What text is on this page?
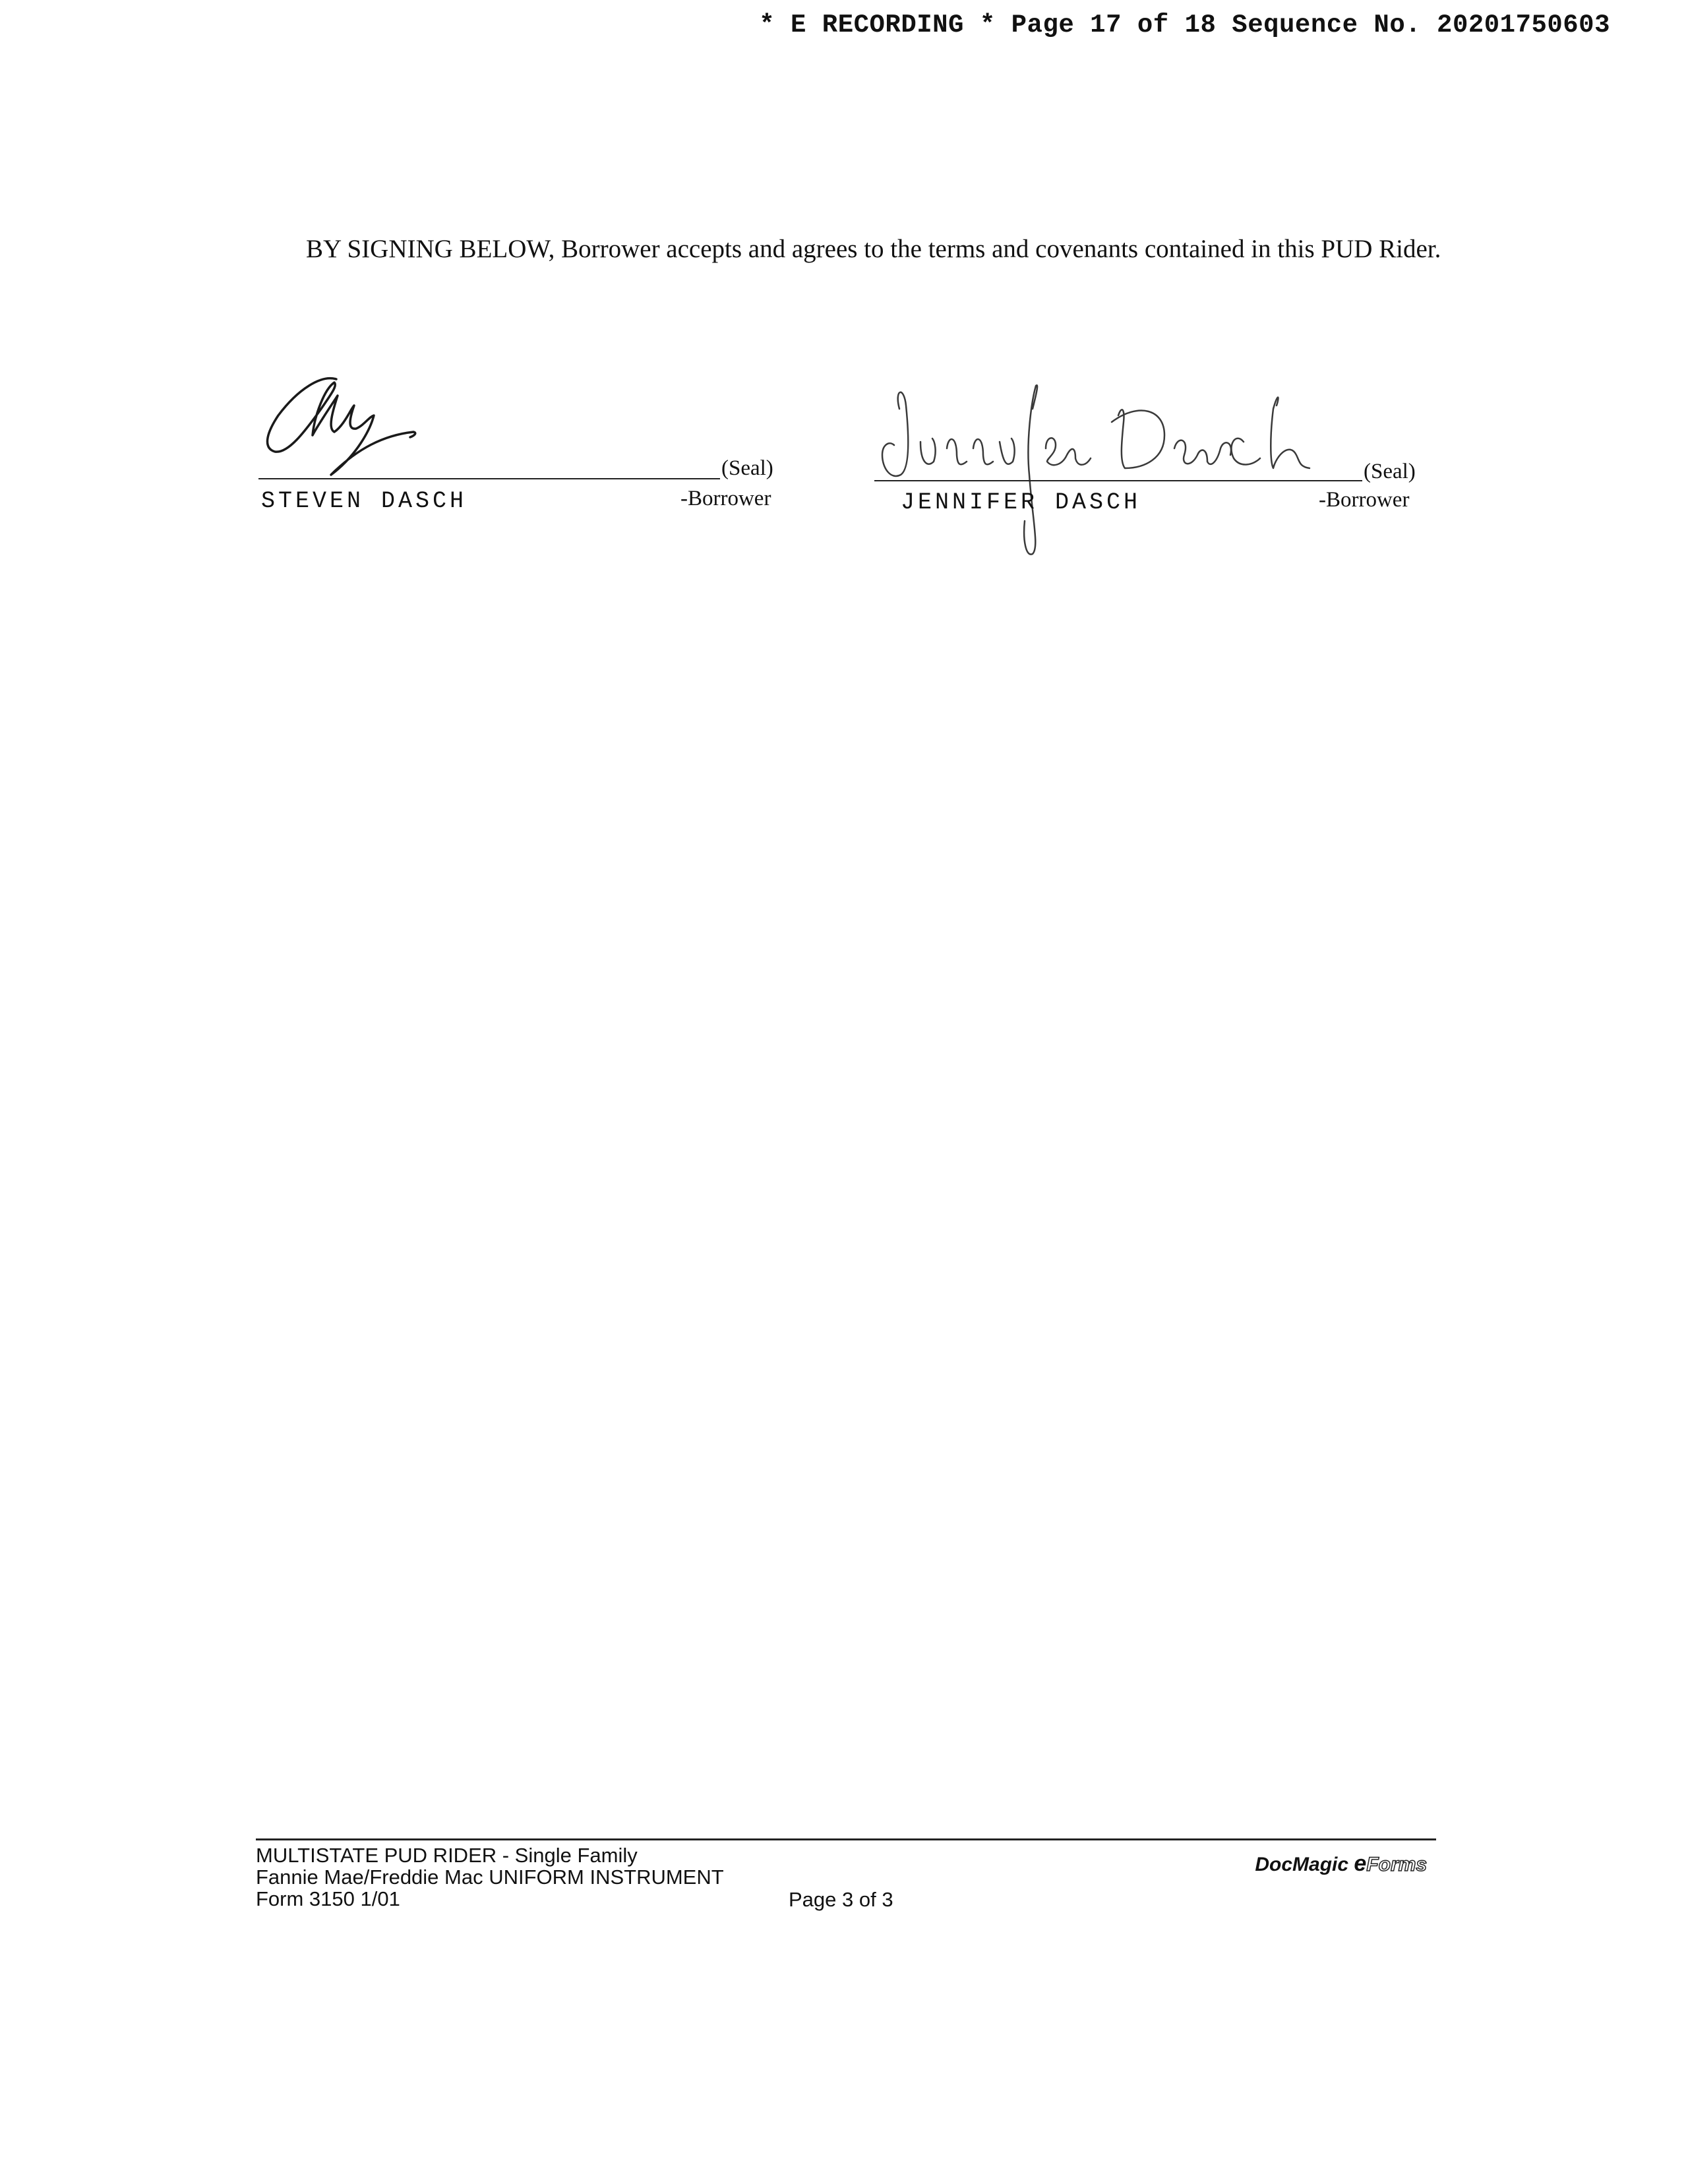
* E RECORDING * Page 17 of 18 Sequence No. 20201750603
BY SIGNING BELOW, Borrower accepts and agrees to the terms and covenants contained in this PUD Rider.
(Seal)
STEVEN DASCH	-Borrower
(Seal)
JENNIFER DASCH	-Borrower
MULTISTATE PUD RIDER - Single Family
Fannie Mae/Freddie Mac UNIFORM INSTRUMENT
Form 3150 1/01	Page 3 of 3
DocMagic eForms
